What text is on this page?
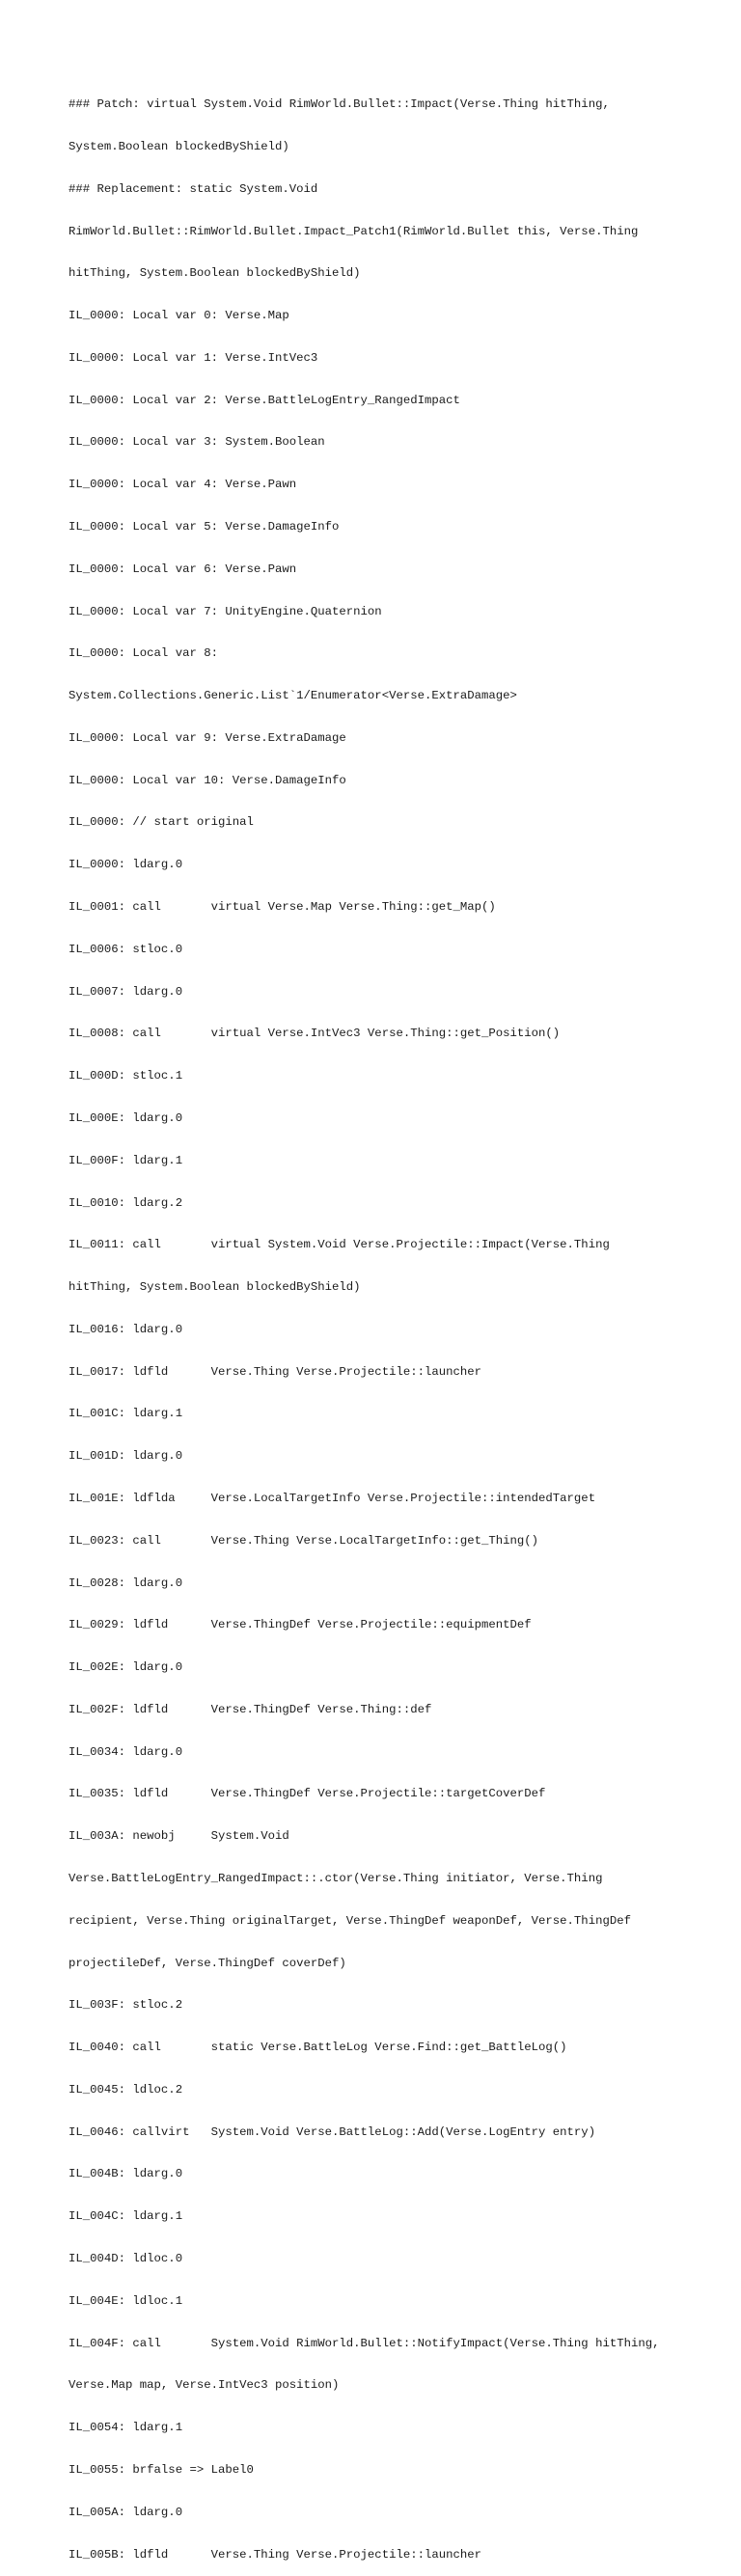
### Patch: virtual System.Void RimWorld.Bullet::Impact(Verse.Thing hitThing,

System.Boolean blockedByShield)

### Replacement: static System.Void

RimWorld.Bullet::RimWorld.Bullet.Impact_Patch1(RimWorld.Bullet this, Verse.Thing

hitThing, System.Boolean blockedByShield)

IL_0000: Local var 0: Verse.Map

IL_0000: Local var 1: Verse.IntVec3

IL_0000: Local var 2: Verse.BattleLogEntry_RangedImpact

IL_0000: Local var 3: System.Boolean

IL_0000: Local var 4: Verse.Pawn

IL_0000: Local var 5: Verse.DamageInfo

IL_0000: Local var 6: Verse.Pawn

IL_0000: Local var 7: UnityEngine.Quaternion

IL_0000: Local var 8:

System.Collections.Generic.List`1/Enumerator<Verse.ExtraDamage>

IL_0000: Local var 9: Verse.ExtraDamage

IL_0000: Local var 10: Verse.DamageInfo

IL_0000: // start original

IL_0000: ldarg.0

IL_0001: call       virtual Verse.Map Verse.Thing::get_Map()

IL_0006: stloc.0

IL_0007: ldarg.0

IL_0008: call       virtual Verse.IntVec3 Verse.Thing::get_Position()

IL_000D: stloc.1

IL_000E: ldarg.0

IL_000F: ldarg.1

IL_0010: ldarg.2

IL_0011: call       virtual System.Void Verse.Projectile::Impact(Verse.Thing

hitThing, System.Boolean blockedByShield)

IL_0016: ldarg.0

IL_0017: ldfld      Verse.Thing Verse.Projectile::launcher

IL_001C: ldarg.1

IL_001D: ldarg.0

IL_001E: ldflda     Verse.LocalTargetInfo Verse.Projectile::intendedTarget

IL_0023: call       Verse.Thing Verse.LocalTargetInfo::get_Thing()

IL_0028: ldarg.0

IL_0029: ldfld      Verse.ThingDef Verse.Projectile::equipmentDef

IL_002E: ldarg.0

IL_002F: ldfld      Verse.ThingDef Verse.Thing::def

IL_0034: ldarg.0

IL_0035: ldfld      Verse.ThingDef Verse.Projectile::targetCoverDef

IL_003A: newobj     System.Void

Verse.BattleLogEntry_RangedImpact::.ctor(Verse.Thing initiator, Verse.Thing

recipient, Verse.Thing originalTarget, Verse.ThingDef weaponDef, Verse.ThingDef

projectileDef, Verse.ThingDef coverDef)

IL_003F: stloc.2

IL_0040: call       static Verse.BattleLog Verse.Find::get_BattleLog()

IL_0045: ldloc.2

IL_0046: callvirt   System.Void Verse.BattleLog::Add(Verse.LogEntry entry)

IL_004B: ldarg.0

IL_004C: ldarg.1

IL_004D: ldloc.0

IL_004E: ldloc.1

IL_004F: call       System.Void RimWorld.Bullet::NotifyImpact(Verse.Thing hitThing,

Verse.Map map, Verse.IntVec3 position)

IL_0054: ldarg.1

IL_0055: brfalse => Label0

IL_005A: ldarg.0

IL_005B: ldfld      Verse.Thing Verse.Projectile::launcher
